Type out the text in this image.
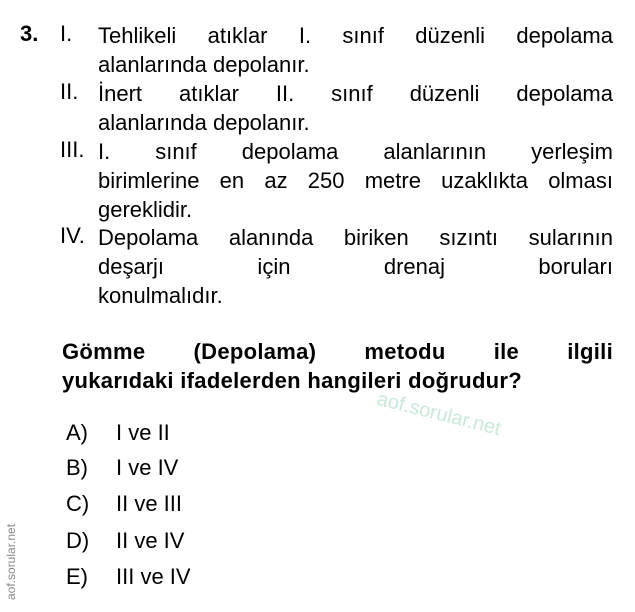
3. I. Tehlikeli atıklar I. sınıf düzenli depolama
alanlarında depolanır.
II. İnert atıklar II. sınıf düzenli depolama
alanlarında depolanır.
III. I. sınıf depolama alanlarının yerleşim
birimlerine en az 250 metre uzaklıkta olması
gereklidir.
IV. Depolama alanında biriken sızıntı sularının
deşarjı için drenaj boruları
konulmalıdır.
Gömme (Depolama) metodu ile ilgili
yukarıdaki ifadelerden hangileri doğrudur?
A) I ve II
B) I ve IV
C) II ve III
D) II ve IV
E) III ve IV
aof.sorular.net
aof.sorular.net
